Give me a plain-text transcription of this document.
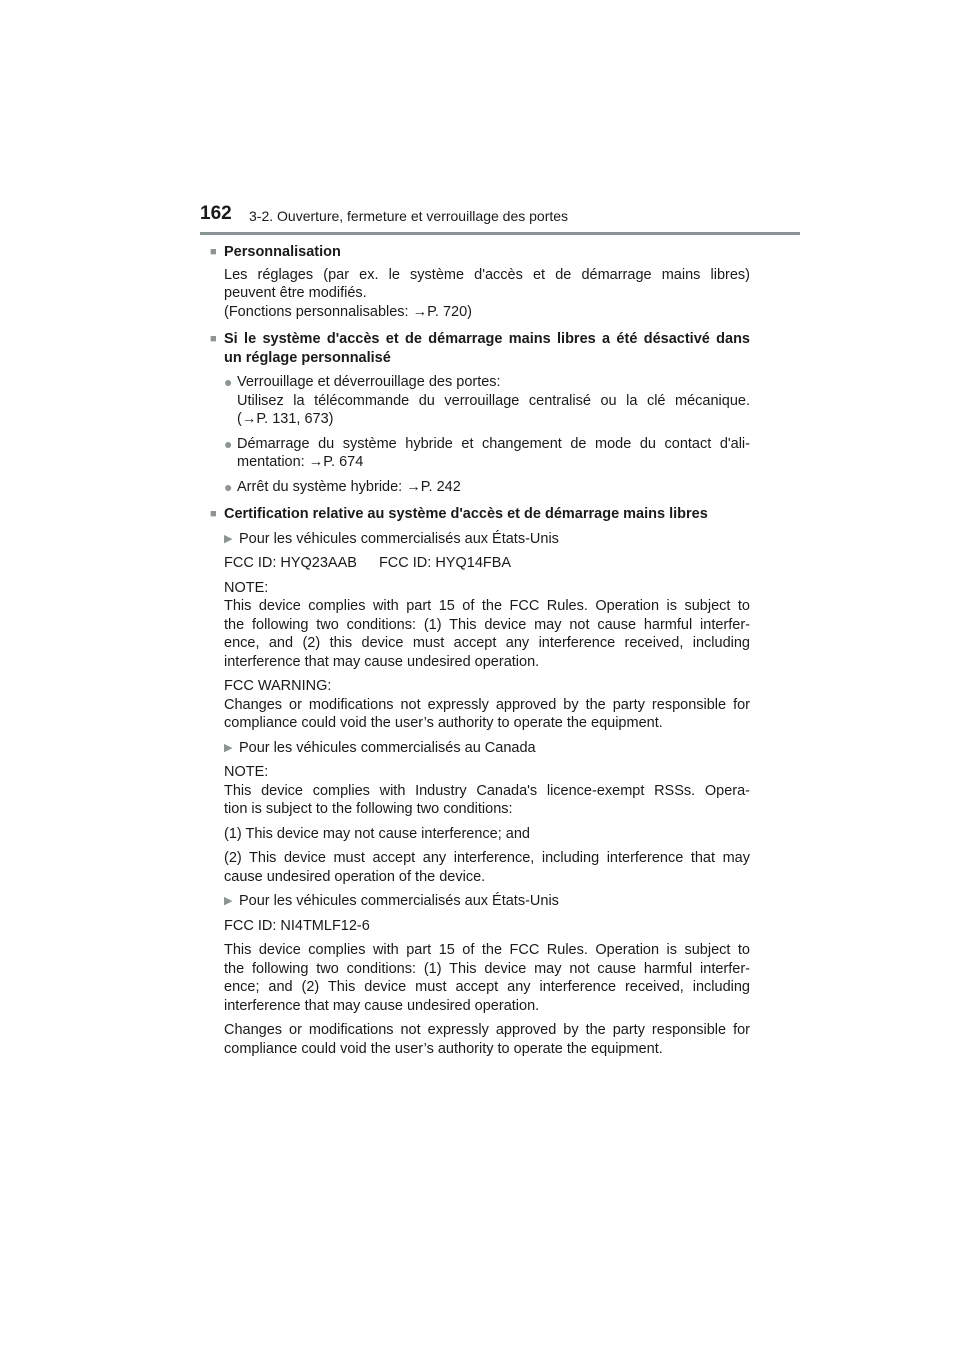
162 3-2. Ouverture, fermeture et verrouillage des portes
■ Personnalisation
Les réglages (par ex. le système d'accès et de démarrage mains libres)
peuvent être modifiés.
(Fonctions personnalisables: →P. 720)
■ Si le système d'accès et de démarrage mains libres a été désactivé dans
un réglage personnalisé
● Verrouillage et déverrouillage des portes:
Utilisez la télécommande du verrouillage centralisé ou la clé mécanique.
(→P. 131, 673)
● Démarrage du système hybride et changement de mode du contact d'ali-
mentation: →P. 674
● Arrêt du système hybride: →P. 242
■ Certification relative au système d'accès et de démarrage mains libres
▶ Pour les véhicules commercialisés aux États-Unis
FCC ID: HYQ23AAB FCC ID: HYQ14FBA
NOTE:
This device complies with part 15 of the FCC Rules. Operation is subject to
the following two conditions: (1) This device may not cause harmful interfer-
ence, and (2) this device must accept any interference received, including
interference that may cause undesired operation.
FCC WARNING:
Changes or modifications not expressly approved by the party responsible for
compliance could void the user’s authority to operate the equipment.
▶ Pour les véhicules commercialisés au Canada
NOTE:
This device complies with Industry Canada's licence-exempt RSSs. Opera-
tion is subject to the following two conditions:
(1) This device may not cause interference; and
(2) This device must accept any interference, including interference that may
cause undesired operation of the device.
▶ Pour les véhicules commercialisés aux États-Unis
FCC ID: NI4TMLF12-6
This device complies with part 15 of the FCC Rules. Operation is subject to
the following two conditions: (1) This device may not cause harmful interfer-
ence; and (2) This device must accept any interference received, including
interference that may cause undesired operation.
Changes or modifications not expressly approved by the party responsible for
compliance could void the user’s authority to operate the equipment.
